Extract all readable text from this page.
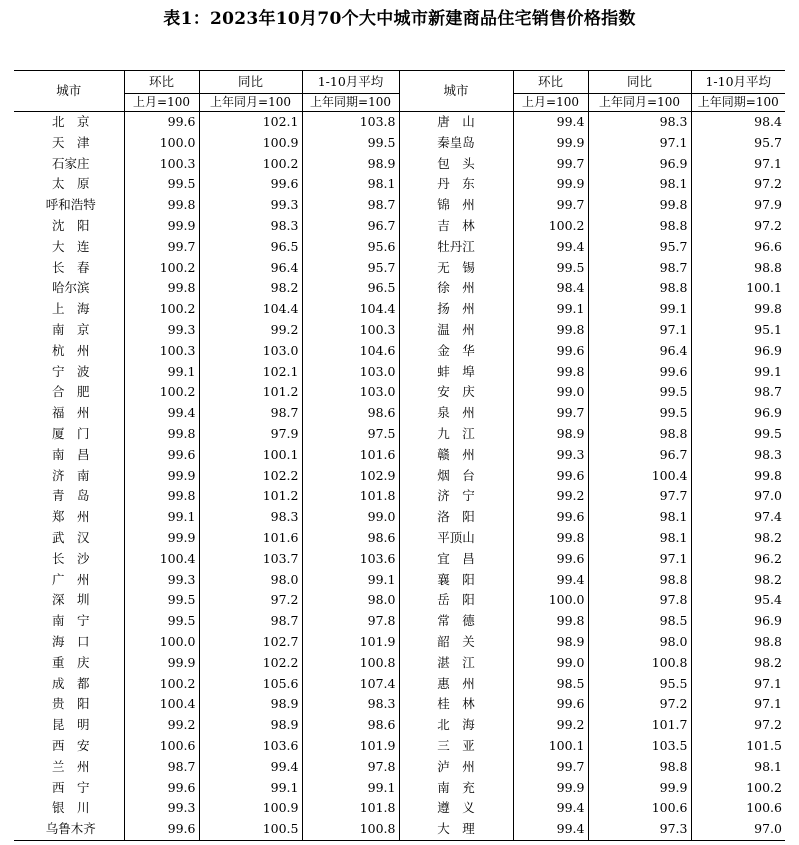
表1：2023年10月70个大中城市新建商品住宅销售价格指数
城市	环比	同比	1-10月平均	城市	环比	同比	1-10月平均
	上月=100	上年同月=100	上年同期=100		上月=100	上年同月=100	上年同期=100
北　京	99.6	102.1	103.8	唐　山	99.4	98.3	98.4
天　津	100.0	100.9	99.5	秦皇岛	99.9	97.1	95.7
石家庄	100.3	100.2	98.9	包　头	99.7	96.9	97.1
太　原	99.5	99.6	98.1	丹　东	99.9	98.1	97.2
呼和浩特	99.8	99.3	98.7	锦　州	99.7	99.8	97.9
沈　阳	99.9	98.3	96.7	吉　林	100.2	98.8	97.2
大　连	99.7	96.5	95.6	牡丹江	99.4	95.7	96.6
长　春	100.2	96.4	95.7	无　锡	99.5	98.7	98.8
哈尔滨	99.8	98.2	96.5	徐　州	98.4	98.8	100.1
上　海	100.2	104.4	104.4	扬　州	99.1	99.1	99.8
南　京	99.3	99.2	100.3	温　州	99.8	97.1	95.1
杭　州	100.3	103.0	104.6	金　华	99.6	96.4	96.9
宁　波	99.1	102.1	103.0	蚌　埠	99.8	99.6	99.1
合　肥	100.2	101.2	103.0	安　庆	99.0	99.5	98.7
福　州	99.4	98.7	98.6	泉　州	99.7	99.5	96.9
厦　门	99.8	97.9	97.5	九　江	98.9	98.8	99.5
南　昌	99.6	100.1	101.6	赣　州	99.3	96.7	98.3
济　南	99.9	102.2	102.9	烟　台	99.6	100.4	99.8
青　岛	99.8	101.2	101.8	济　宁	99.2	97.7	97.0
郑　州	99.1	98.3	99.0	洛　阳	99.6	98.1	97.4
武　汉	99.9	101.6	98.6	平顶山	99.8	98.1	98.2
长　沙	100.4	103.7	103.6	宜　昌	99.6	97.1	96.2
广　州	99.3	98.0	99.1	襄　阳	99.4	98.8	98.2
深　圳	99.5	97.2	98.0	岳　阳	100.0	97.8	95.4
南　宁	99.5	98.7	97.8	常　德	99.8	98.5	96.9
海　口	100.0	102.7	101.9	韶　关	98.9	98.0	98.8
重　庆	99.9	102.2	100.8	湛　江	99.0	100.8	98.2
成　都	100.2	105.6	107.4	惠　州	98.5	95.5	97.1
贵　阳	100.4	98.9	98.3	桂　林	99.6	97.2	97.1
昆　明	99.2	98.9	98.6	北　海	99.2	101.7	97.2
西　安	100.6	103.6	101.9	三　亚	100.1	103.5	101.5
兰　州	98.7	99.4	97.8	泸　州	99.7	98.8	98.1
西　宁	99.6	99.1	99.1	南　充	99.9	99.9	100.2
银　川	99.3	100.9	101.8	遵　义	99.4	100.6	100.6
乌鲁木齐	99.6	100.5	100.8	大　理	99.4	97.3	97.0
